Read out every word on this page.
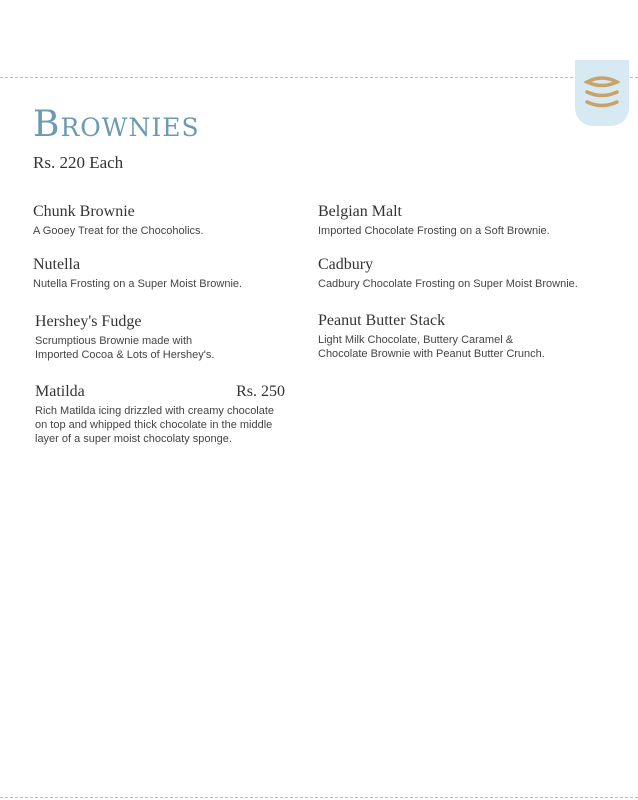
Brownies
Rs. 220 Each
Chunk Brownie
A Gooey Treat for the Chocoholics.
Belgian Malt
Imported Chocolate Frosting on a Soft Brownie.
Nutella
Nutella Frosting on a Super Moist Brownie.
Cadbury
Cadbury Chocolate Frosting on Super Moist Brownie.
Hershey's Fudge
Scrumptious Brownie made with
Imported Cocoa & Lots of Hershey's.
Peanut Butter Stack
Light Milk Chocolate, Buttery Caramel &
Chocolate Brownie with Peanut Butter Crunch.
Matilda	Rs. 250
Rich Matilda icing drizzled with creamy chocolate
on top and whipped thick chocolate in the middle
layer of a super moist chocolaty sponge.
